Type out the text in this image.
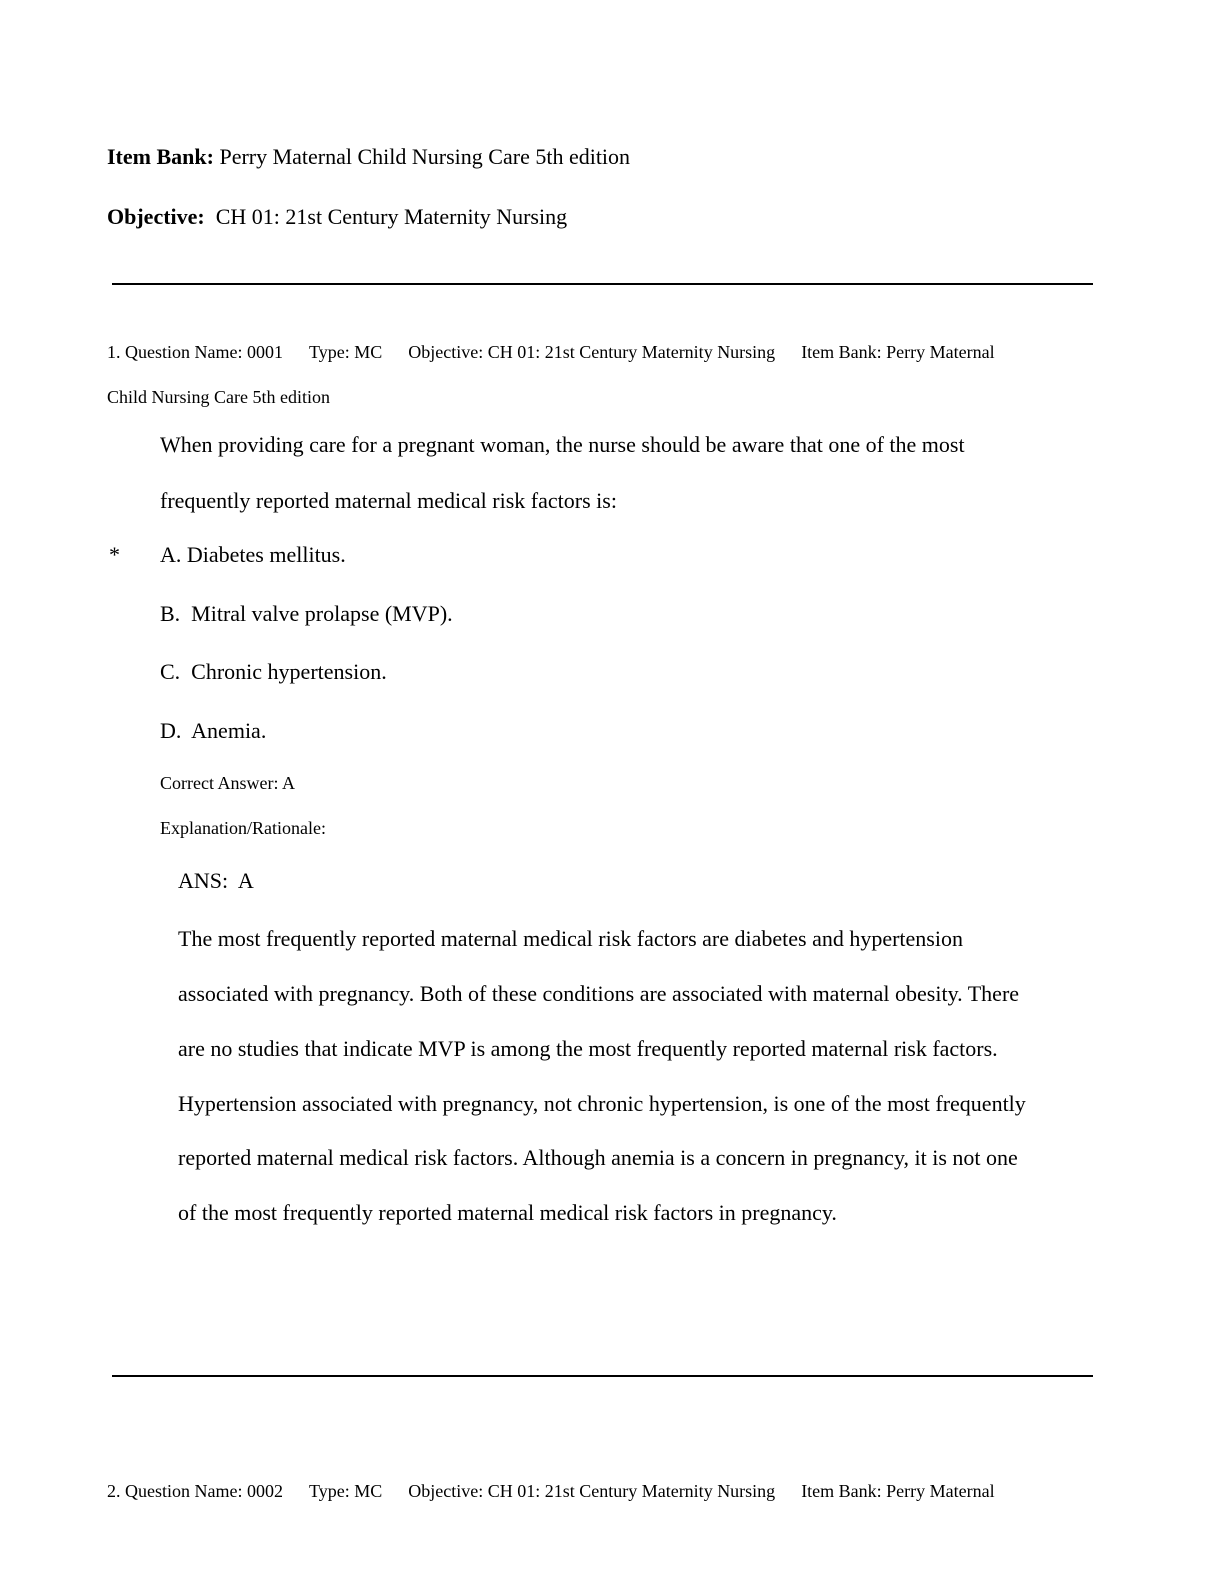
Item Bank: Perry Maternal Child Nursing Care 5th edition
Objective: CH 01: 21st Century Maternity Nursing
1. Question Name: 0001 Type: MC Objective: CH 01: 21st Century Maternity Nursing Item Bank: Perry Maternal
Child Nursing Care 5th edition
When providing care for a pregnant woman, the nurse should be aware that one of the most
frequently reported maternal medical risk factors is:
* A. Diabetes mellitus.
B.  Mitral valve prolapse (MVP).
C.  Chronic hypertension.
D.  Anemia.
Correct Answer: A
Explanation/Rationale:
ANS:  A
The most frequently reported maternal medical risk factors are diabetes and hypertension
associated with pregnancy. Both of these conditions are associated with maternal obesity. There
are no studies that indicate MVP is among the most frequently reported maternal risk factors.
Hypertension associated with pregnancy, not chronic hypertension, is one of the most frequently
reported maternal medical risk factors. Although anemia is a concern in pregnancy, it is not one
of the most frequently reported maternal medical risk factors in pregnancy.
2. Question Name: 0002 Type: MC Objective: CH 01: 21st Century Maternity Nursing Item Bank: Perry Maternal
